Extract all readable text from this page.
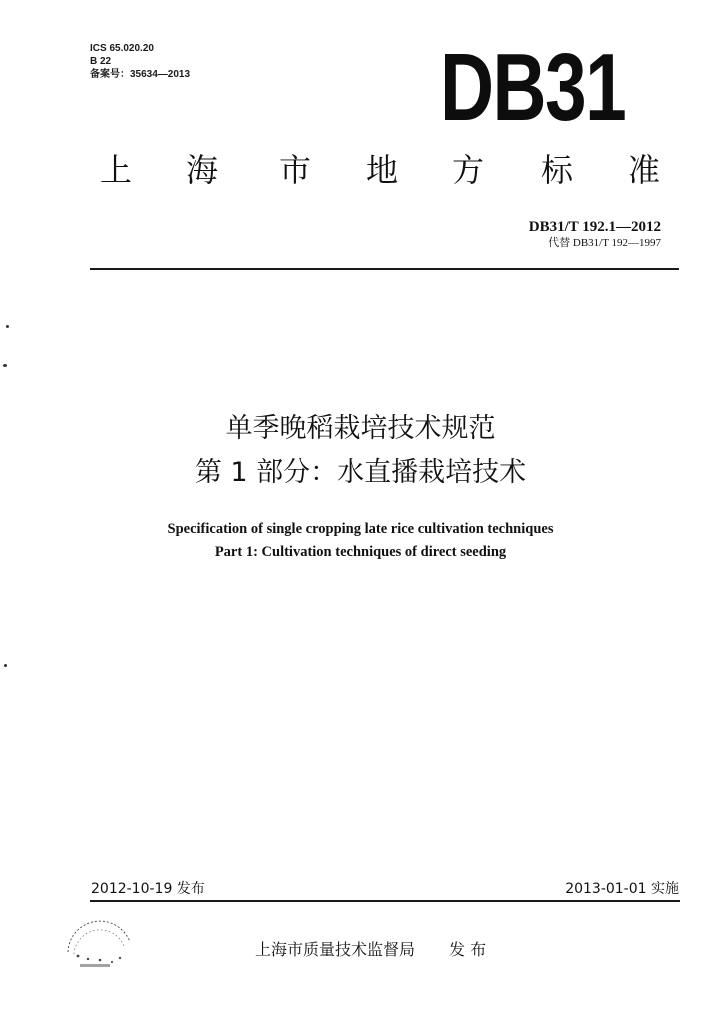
ICS 65.020.20
B 22
备案号：35634—2013	DB31
上 海 市 地 方 标 准
DB31/T 192.1—2012
代替 DB31/T 192—1997
单季晚稻栽培技术规范
第 1 部分：水直播栽培技术
Specification of single cropping late rice cultivation techniques
Part 1: Cultivation techniques of direct seeding
2012-10-19 发布	2013-01-01 实施
上海市质量技术监督局 发 布
